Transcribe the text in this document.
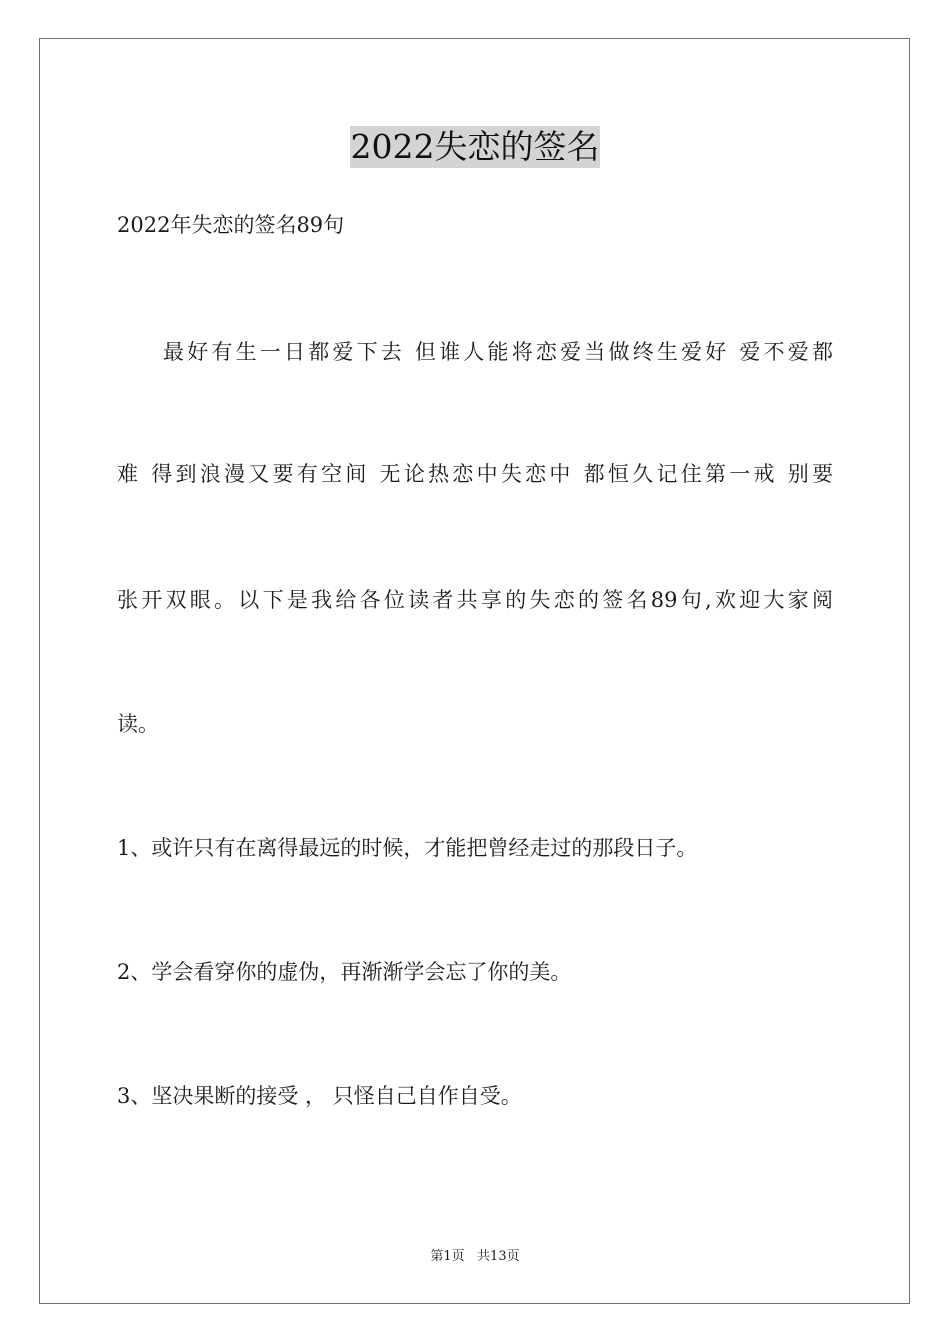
2022失恋的签名
2022年失恋的签名89句
最好有生一日都爱下去 但谁人能将恋爱当做终生爱好 爱不爱都
难 得到浪漫又要有空间 无论热恋中失恋中 都恒久记住第一戒 别要
张开双眼。以下是我给各位读者共享的失恋的签名89句,欢迎大家阅
读。
1、或许只有在离得最远的时候，才能把曾经走过的那段日子。
2、学会看穿你的虚伪，再渐渐学会忘了你的美。
3、坚决果断的接受 ， 只怪自己自作自受。
第1页   共13页
